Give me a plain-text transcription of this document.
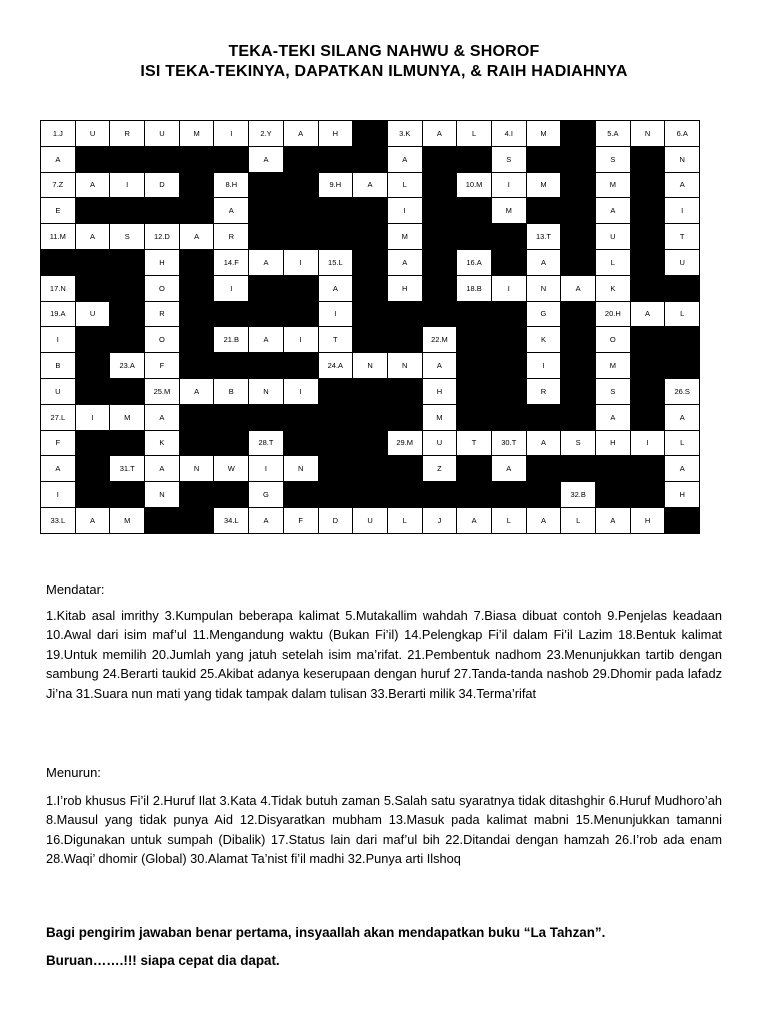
TEKA-TEKI SILANG NAHWU & SHOROF
ISI TEKA-TEKINYA, DAPATKAN ILMUNYA, & RAIH HADIAHNYA
1.J	U	R	U	M	I	2.Y	A	H		3.K	A	L	4.I	M		5.A	N	6.A
A						A				A			S			S		N
7.Z	A	I	D		8.H			9.H	A	L		10.M	I	M		M		A
E					A					I			M			A		I
11.M	A	S	12.D	A	R					M				13.T		U		T
			H		14.F	A	I	15.L		A		16.A		A		L		U
17.N			O		I			A		H		18.B	I	N	A	K		
19.A	U		R					I						G		20.H	A	L
I			O		21.B	A	I	T			22.M			K		O		
B		23.A	F					24.A	N	N	A			I		M		
U			25.M	A	B	N	I				H			R		S		26.S
27.L	I	M	A								M					A		A
F			K			28.T				29.M	U	T	30.T	A	S	H	I	L
A		31.T	A	N	W	I	N				Z		A					A
I			N			G									32.B			H
33.L	A	M			34.L	A	F	D	U	L	J	A	L	A	L	A	H	
Mendatar:
1.Kitab asal imrithy 3.Kumpulan beberapa kalimat 5.Mutakallim wahdah 7.Biasa dibuat contoh 9.Penjelas keadaan 10.Awal dari isim maf’ul 11.Mengandung waktu (Bukan Fi’il) 14.Pelengkap Fi’il dalam Fi’il Lazim 18.Bentuk kalimat 19.Untuk memilih 20.Jumlah yang jatuh setelah isim ma’rifat. 21.Pembentuk nadhom 23.Menunjukkan tartib dengan sambung 24.Berarti taukid 25.Akibat adanya keserupaan dengan huruf 27.Tanda-tanda nashob 29.Dhomir pada lafadz Ji’na 31.Suara nun mati yang tidak tampak dalam tulisan 33.Berarti milik 34.Terma’rifat
Menurun:
1.I’rob khusus Fi’il 2.Huruf Ilat 3.Kata 4.Tidak butuh zaman 5.Salah satu syaratnya tidak ditashghir 6.Huruf Mudhoro’ah 8.Mausul yang tidak punya Aid 12.Disyaratkan mubham 13.Masuk pada kalimat mabni 15.Menunjukkan tamanni 16.Digunakan untuk sumpah (Dibalik) 17.Status lain dari maf’ul bih 22.Ditandai dengan hamzah 26.I’rob ada enam 28.Waqi’ dhomir (Global) 30.Alamat Ta’nist fi’il madhi 32.Punya arti Ilshoq
Bagi pengirim jawaban benar pertama, insyaallah akan mendapatkan buku “La Tahzan”.
Buruan…….!!! siapa cepat dia dapat.
